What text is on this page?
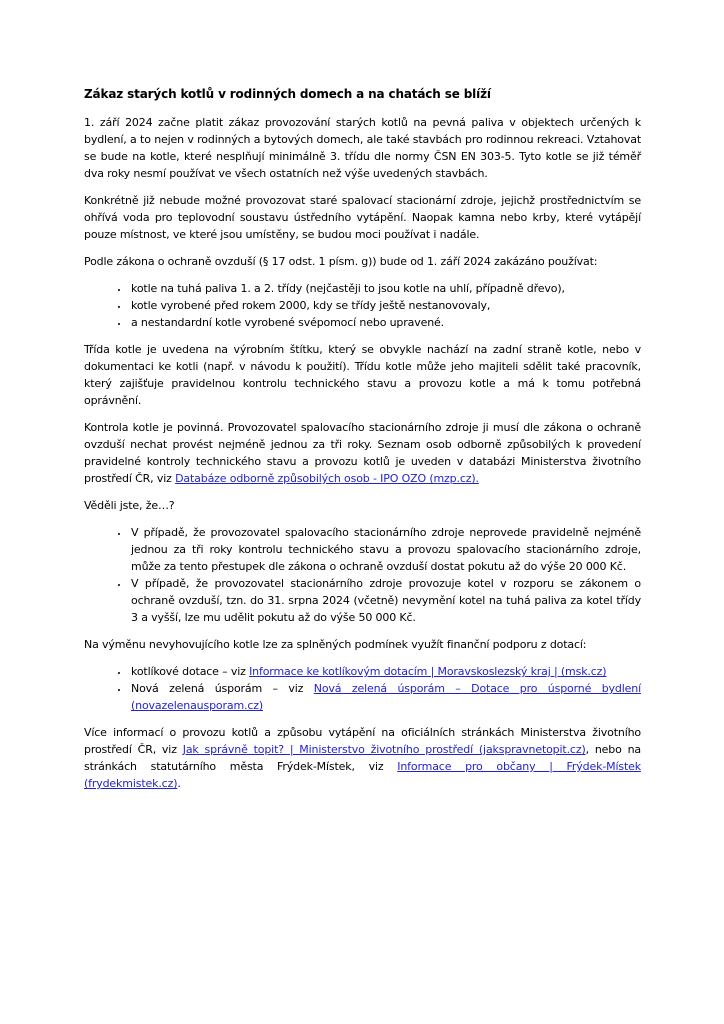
Zákaz starých kotlů v rodinných domech a na chatách se blíží

1. září 2024 začne platit zákaz provozování starých kotlů na pevná paliva v objektech určených k bydlení, a to nejen v rodinných a bytových domech, ale také stavbách pro rodinnou rekreaci. Vztahovat se bude na kotle, které nesplňují minimálně 3. třídu dle normy ČSN EN 303-5. Tyto kotle se již téměř dva roky nesmí používat ve všech ostatních než výše uvedených stavbách.

Konkrétně již nebude možné provozovat staré spalovací stacionární zdroje, jejichž prostřednictvím se ohřívá voda pro teplovodní soustavu ústředního vytápění. Naopak kamna nebo krby, které vytápějí pouze místnost, ve které jsou umístěny, se budou moci používat i nadále.

Podle zákona o ochraně ovzduší (§ 17 odst. 1 písm. g)) bude od 1. září 2024 zakázáno používat:

• kotle na tuhá paliva 1. a 2. třídy (nejčastěji to jsou kotle na uhlí, případně dřevo),
• kotle vyrobené před rokem 2000, kdy se třídy ještě nestanovovaly,
• a nestandardní kotle vyrobené svépomocí nebo upravené.

Třída kotle je uvedena na výrobním štítku, který se obvykle nachází na zadní straně kotle, nebo v dokumentaci ke kotli (např. v návodu k použití). Třídu kotle může jeho majiteli sdělit také pracovník, který zajišťuje pravidelnou kontrolu technického stavu a provozu kotle a má k tomu potřebná oprávnění.

Kontrola kotle je povinná. Provozovatel spalovacího stacionárního zdroje ji musí dle zákona o ochraně ovzduší nechat provést nejméně jednou za tři roky. Seznam osob odborně způsobilých k provedení pravidelné kontroly technického stavu a provozu kotlů je uveden v databázi Ministerstva životního prostředí ČR, viz Databáze odborně způsobilých osob - IPO OZO (mzp.cz).

Věděli jste, že…?

• V případě, že provozovatel spalovacího stacionárního zdroje neprovede pravidelně nejméně jednou za tři roky kontrolu technického stavu a provozu spalovacího stacionárního zdroje, může za tento přestupek dle zákona o ochraně ovzduší dostat pokutu až do výše 20 000 Kč.
• V případě, že provozovatel stacionárního zdroje provozuje kotel v rozporu se zákonem o ochraně ovzduší, tzn. do 31. srpna 2024 (včetně) nevymění kotel na tuhá paliva za kotel třídy 3 a vyšší, lze mu udělit pokutu až do výše 50 000 Kč.

Na výměnu nevyhovujícího kotle lze za splněných podmínek využít finanční podporu z dotací:

• kotlíkové dotace – viz Informace ke kotlíkovým dotacím | Moravskoslezský kraj | (msk.cz)
• Nová zelená úsporám – viz Nová zelená úsporám – Dotace pro úsporné bydlení (novazelenausporam.cz)

Více informací o provozu kotlů a způsobu vytápění na oficiálních stránkách Ministerstva životního prostředí ČR, viz Jak správně topit? | Ministerstvo životního prostředí (jakspravnetopit.cz), nebo na stránkách statutárního města Frýdek-Místek, viz Informace pro občany | Frýdek-Místek (frydekmistek.cz).
